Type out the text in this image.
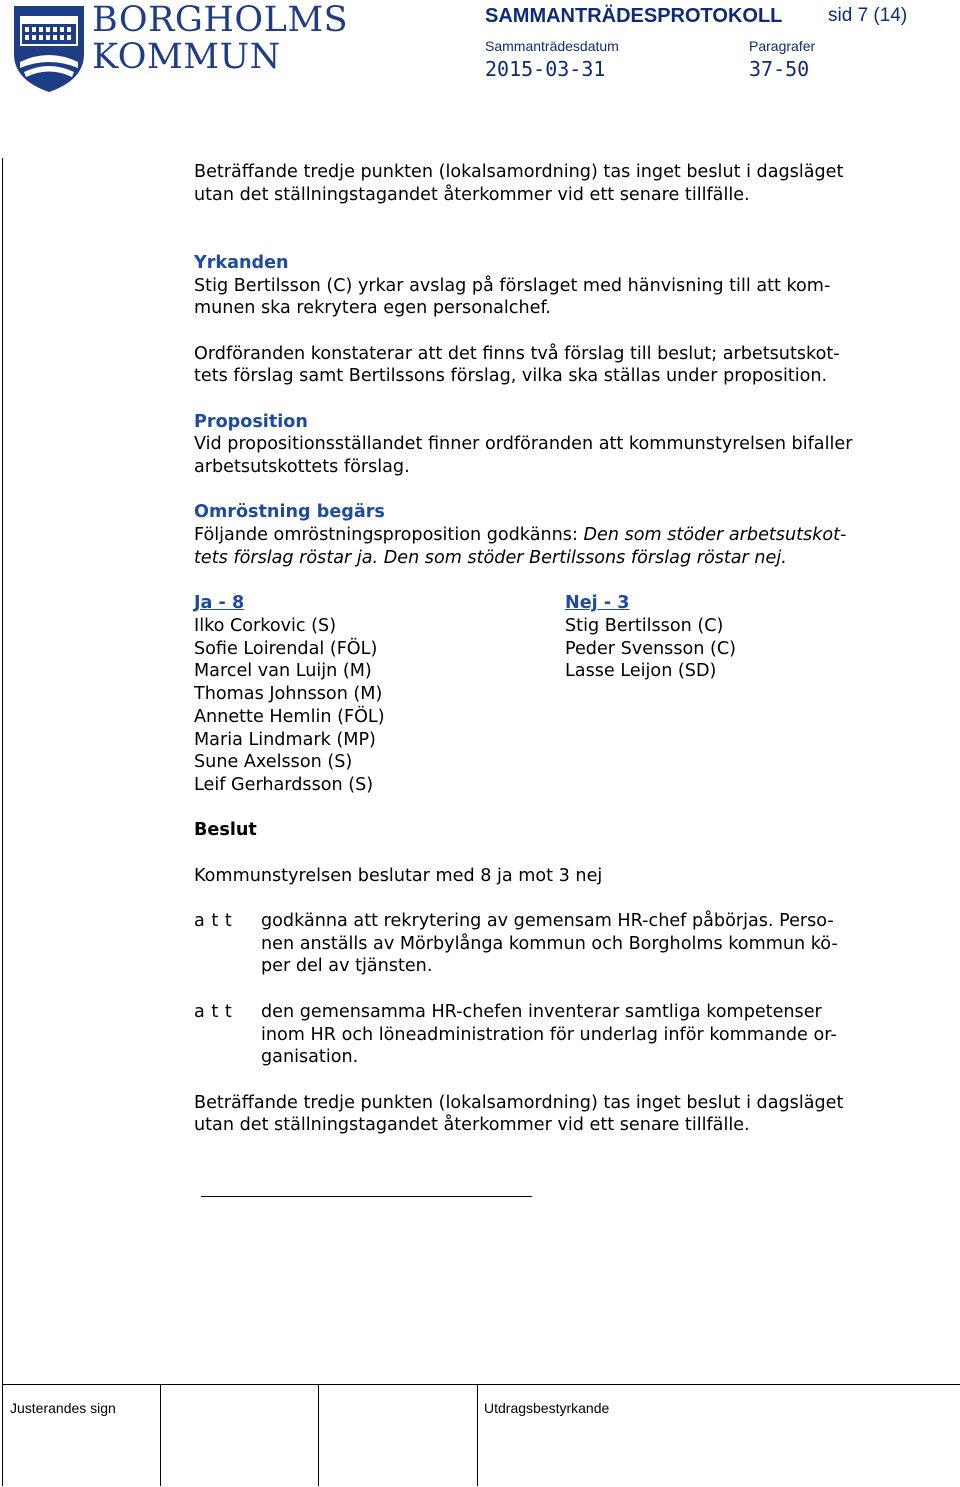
BORGHOLMS
KOMMUN
SAMMANTRÄDESPROTOKOLL sid 7 (14)
Sammanträdesdatum	Paragrafer
2015-03-31	37-50

Beträffande tredje punkten (lokalsamordning) tas inget beslut i dagsläget

utan det ställningstagandet återkommer vid ett senare tillfälle.

Yrkanden

Stig Bertilsson (C) yrkar avslag på förslaget med hänvisning till att kom-

munen ska rekrytera egen personalchef.

Ordföranden konstaterar att det finns två förslag till beslut; arbetsutskot-

tets förslag samt Bertilssons förslag, vilka ska ställas under proposition.

Proposition

Vid propositionsställandet finner ordföranden att kommunstyrelsen bifaller

arbetsutskottets förslag.

Omröstning begärs

Följande omröstningsproposition godkänns: Den som stöder arbetsutskot-

tets förslag röstar ja. Den som stöder Bertilssons förslag röstar nej.

Ja - 8

Ilko Corkovic (S)

Sofie Loirendal (FÖL)

Marcel van Luijn (M)

Thomas Johnsson (M)

Annette Hemlin (FÖL)

Maria Lindmark (MP)

Sune Axelsson (S)

Leif Gerhardsson (S)

Nej - 3

Stig Bertilsson (C)

Peder Svensson (C)

Lasse Leijon (SD)

Beslut

Kommunstyrelsen beslutar med 8 ja mot 3 nej

a t t	godkänna att rekrytering av gemensam HR-chef påbörjas. Perso-

nen anställs av Mörbylånga kommun och Borgholms kommun kö-

per del av tjänsten.

a t t	den gemensamma HR-chefen inventerar samtliga kompetenser

inom HR och löneadministration för underlag inför kommande or-

ganisation.

Beträffande tredje punkten (lokalsamordning) tas inget beslut i dagsläget

utan det ställningstagandet återkommer vid ett senare tillfälle.

Justerandes sign	Utdragsbestyrkande
